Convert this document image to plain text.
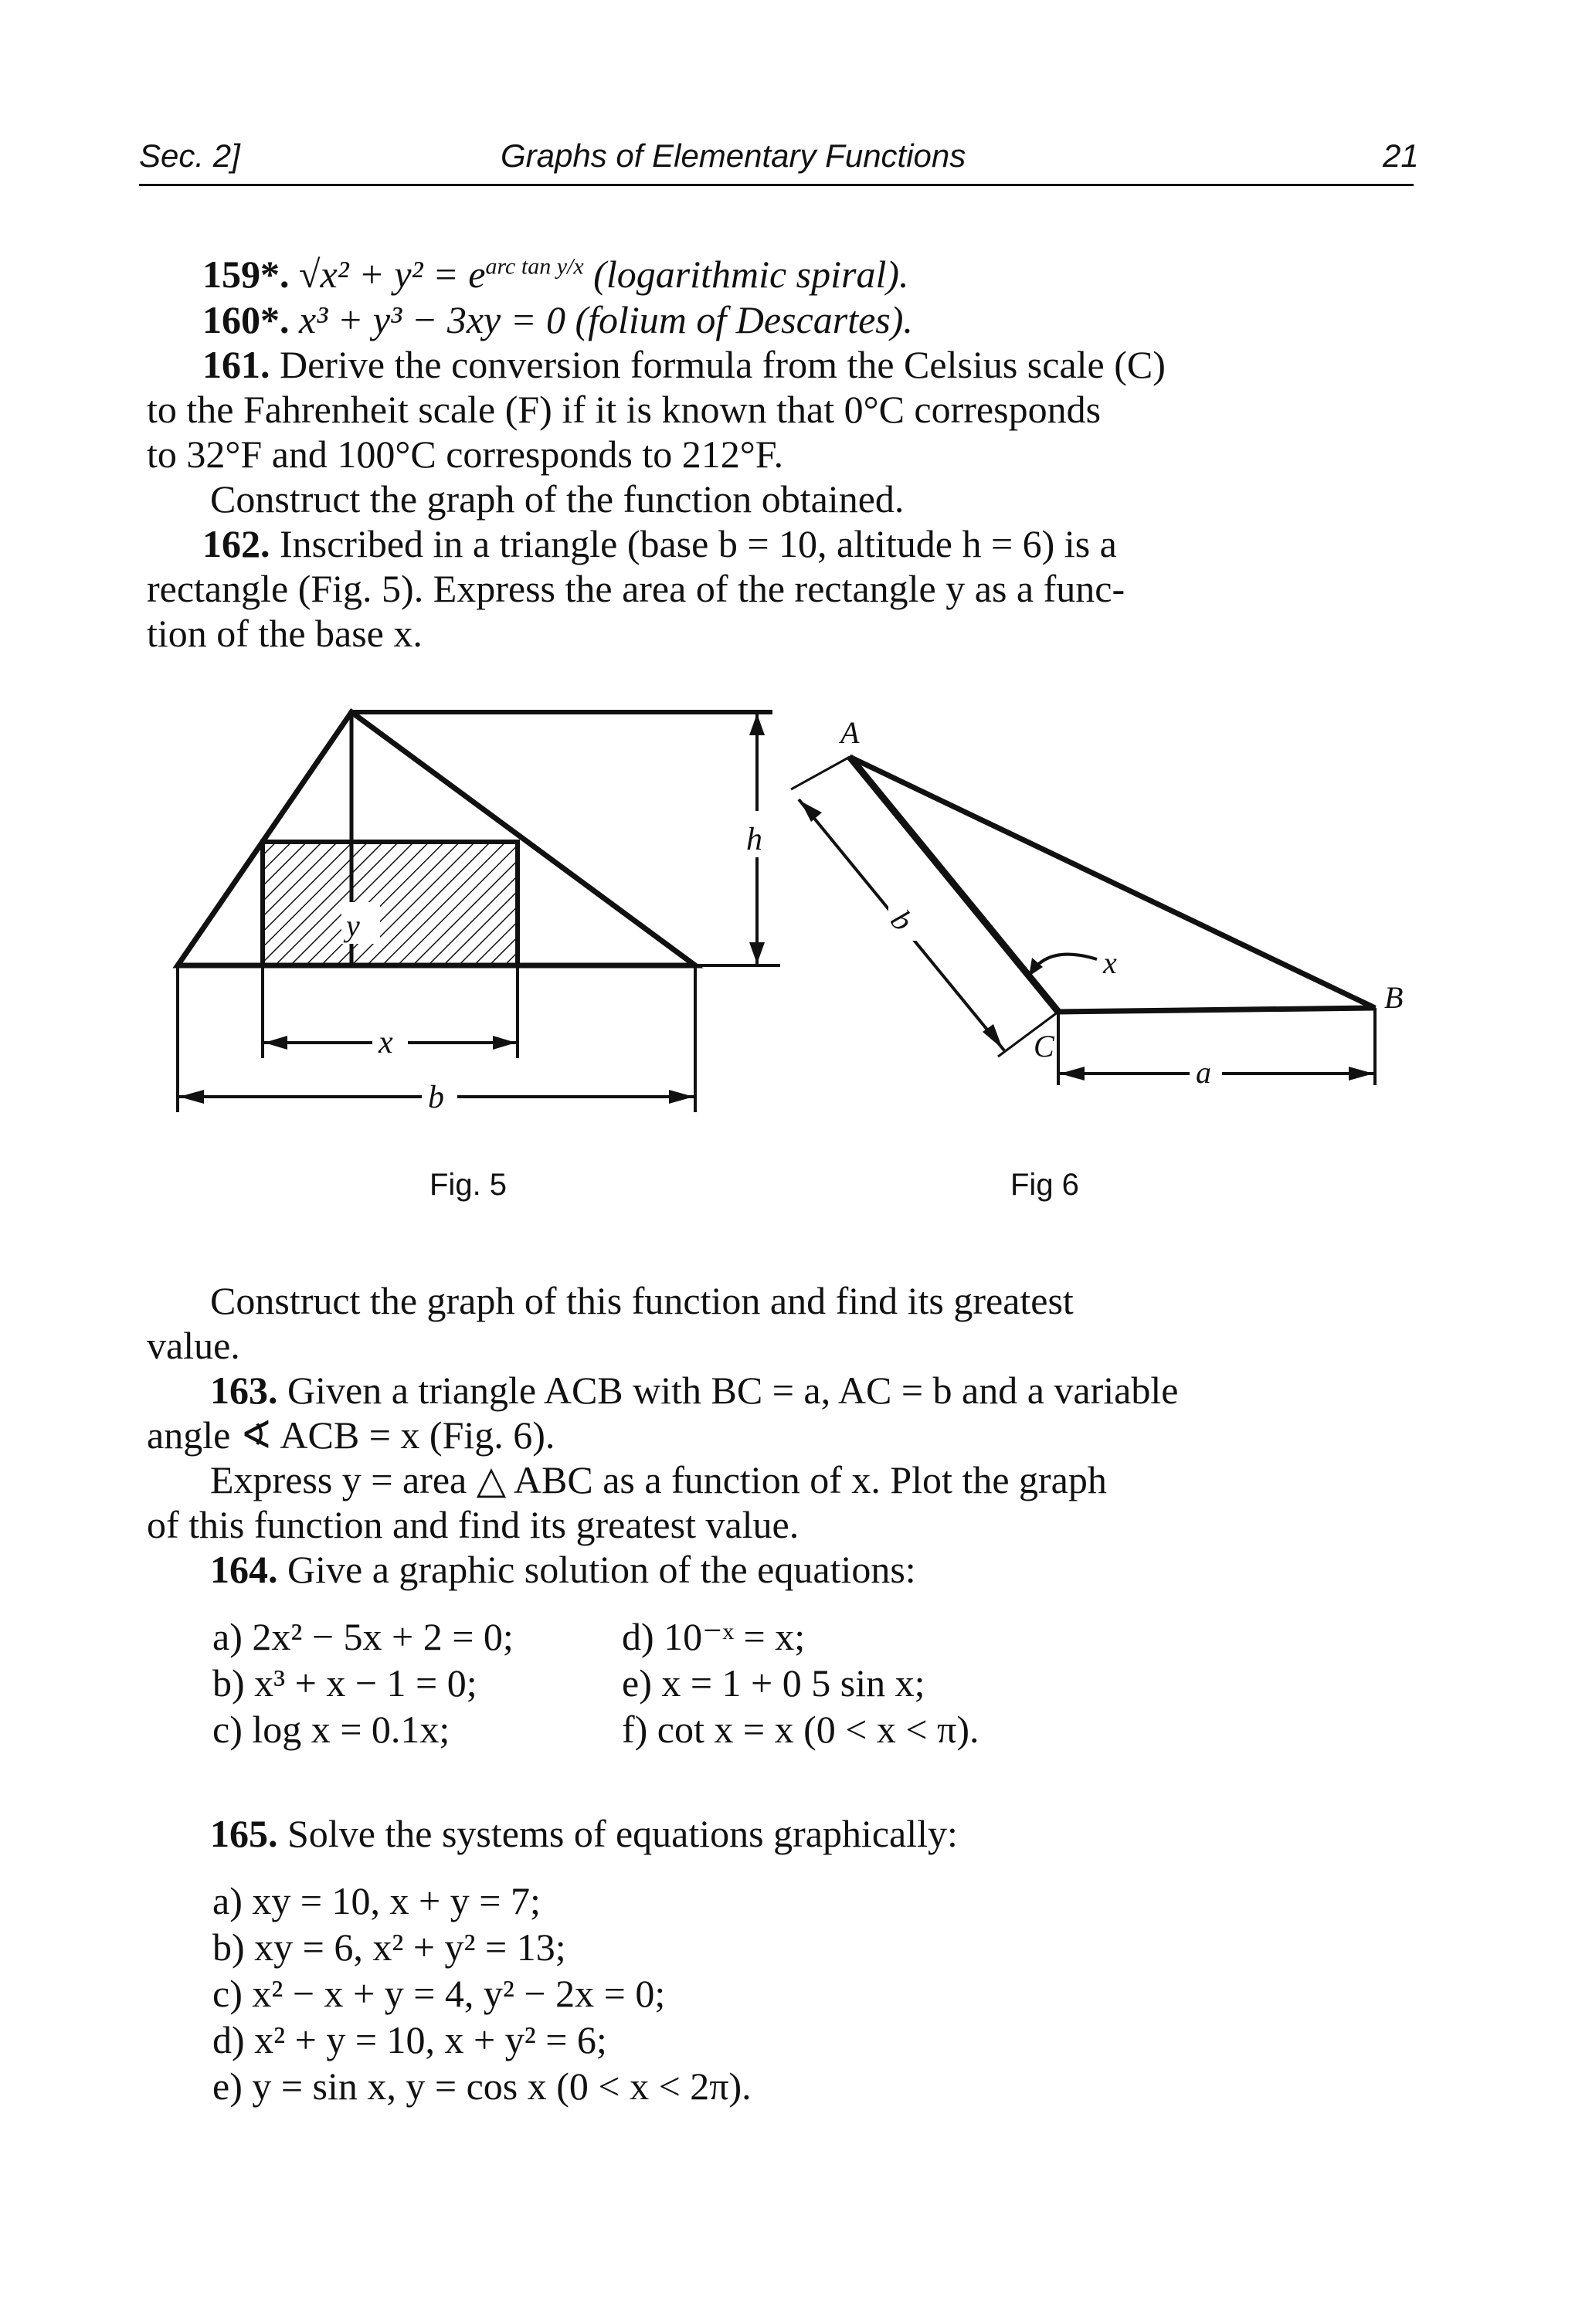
Sec. 2]	Graphs of Elementary Functions	21
159*. $√x^2 + y^2 = e^{arc tan y/x}$ (logarithmic spiral).
160*. x³ + y³ − 3xy = 0 (folium of Descartes).
161. Derive the conversion formula from the Celsius scale (C)
to the Fahrenheit scale (F) if it is known that 0°C corresponds
to 32°F and 100°C corresponds to 212°F.
Construct the graph of the function obtained.
162. Inscribed in a triangle (base b = 10, altitude h = 6) is a
rectangle (Fig. 5). Express the area of the rectangle y as a func-
tion of the base x.
y
h
x
b
Fig. 5
A
B
C
x
b
a
Fig 6
Construct the graph of this function and find its greatest
value.
163. Given a triangle ACB with BC = a, AC = b and a variable
angle ∢ ACB = x (Fig. 6).
Express y = area △ ABC as a function of x. Plot the graph
of this function and find its greatest value.
164. Give a graphic solution of the equations:
a) 2x² − 5x + 2 = 0;
b) x³ + x − 1 = 0;
c) log x = 0.1x;
d) 10⁻ˣ = x;
e) x = 1 + 0 5 sin x;
f) cot x = x (0 < x < π).
165. Solve the systems of equations graphically:
a) xy = 10, x + y = 7;
b) xy = 6, x² + y² = 13;
c) x² − x + y = 4, y² − 2x = 0;
d) x² + y = 10, x + y² = 6;
e) y = sin x, y = cos x (0 < x < 2π).
